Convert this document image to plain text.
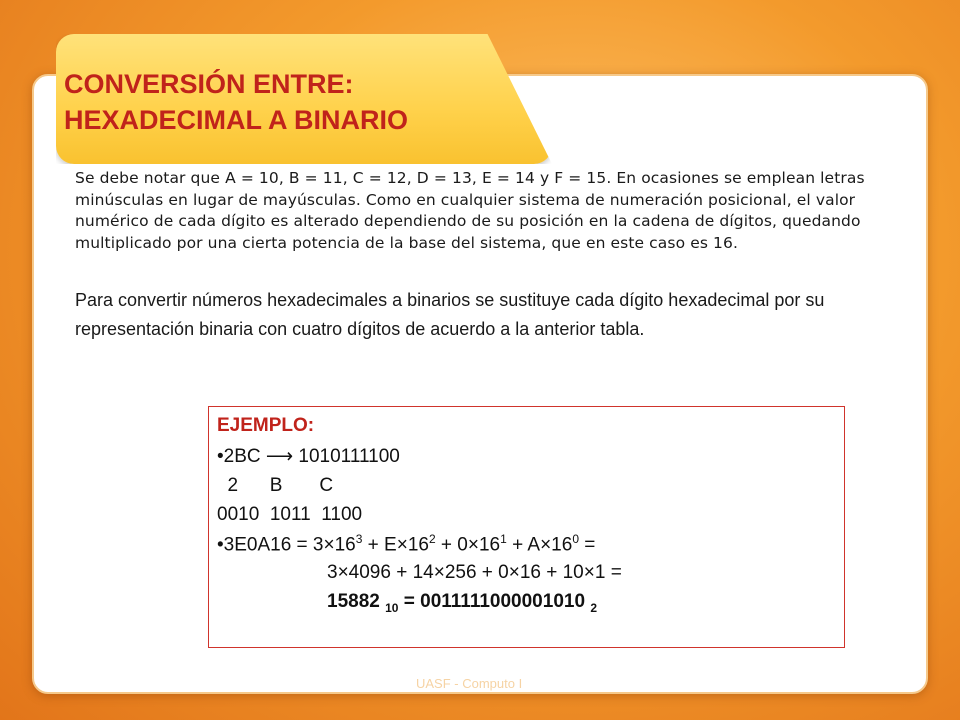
CONVERSIÓN ENTRE:
HEXADECIMAL A BINARIO

Se debe notar que A = 10, B = 11, C = 12, D = 13, E = 14 y F = 15. En ocasiones se emplean letras minúsculas en lugar de mayúsculas. Como en cualquier sistema de numeración posicional, el valor numérico de cada dígito es alterado dependiendo de su posición en la cadena de dígitos, quedando multiplicado por una cierta potencia de la base del sistema, que en este caso es 16.

Para convertir números hexadecimales a binarios se sustituye cada dígito hexadecimal por su representación binaria con cuatro dígitos de acuerdo a la anterior tabla.

EJEMPLO:
•2BC ⟶ 1010111100
2      B       C
0010  1011  1100
•3E0A16 = $3\times 16^3 + E\times 16^2 + 0\times 16^1 + A\times 16^0$ =
3×4096 + 14×256 + 0×16 + 10×1 =
15882 $_{10}$ = 0011111000001010 $_2$
UASF - Computo I
